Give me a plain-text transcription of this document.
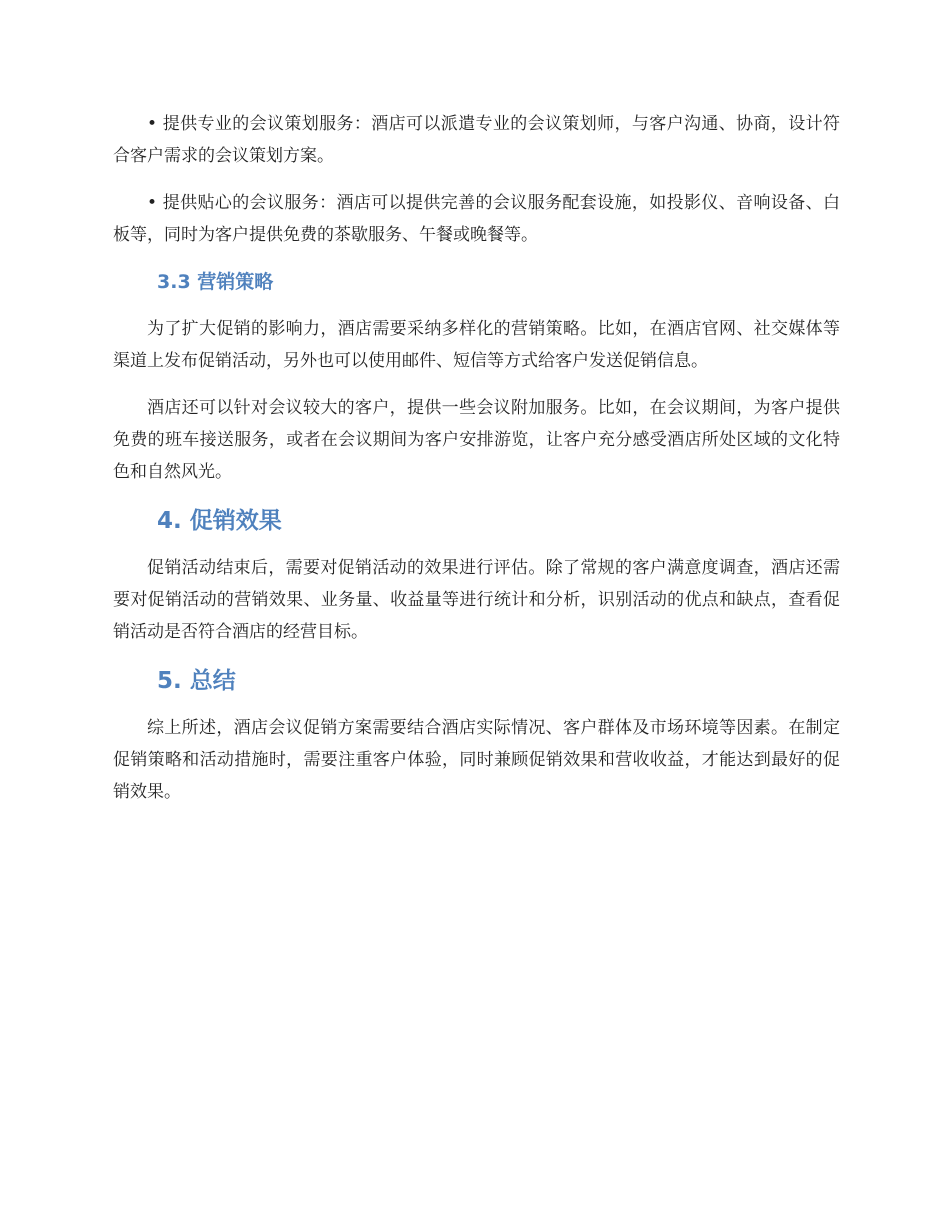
• 提供专业的会议策划服务：酒店可以派遣专业的会议策划师，与客户沟通、协商，设计符合客户需求的会议策划方案。

• 提供贴心的会议服务：酒店可以提供完善的会议服务配套设施，如投影仪、音响设备、白板等，同时为客户提供免费的茶歇服务、午餐或晚餐等。

3.3 营销策略

为了扩大促销的影响力，酒店需要采纳多样化的营销策略。比如，在酒店官网、社交媒体等渠道上发布促销活动，另外也可以使用邮件、短信等方式给客户发送促销信息。

酒店还可以针对会议较大的客户，提供一些会议附加服务。比如，在会议期间，为客户提供免费的班车接送服务，或者在会议期间为客户安排游览，让客户充分感受酒店所处区域的文化特色和自然风光。

4. 促销效果

促销活动结束后，需要对促销活动的效果进行评估。除了常规的客户满意度调查，酒店还需要对促销活动的营销效果、业务量、收益量等进行统计和分析，识别活动的优点和缺点，查看促销活动是否符合酒店的经营目标。

5. 总结

综上所述，酒店会议促销方案需要结合酒店实际情况、客户群体及市场环境等因素。在制定促销策略和活动措施时，需要注重客户体验，同时兼顾促销效果和营收收益，才能达到最好的促销效果。
